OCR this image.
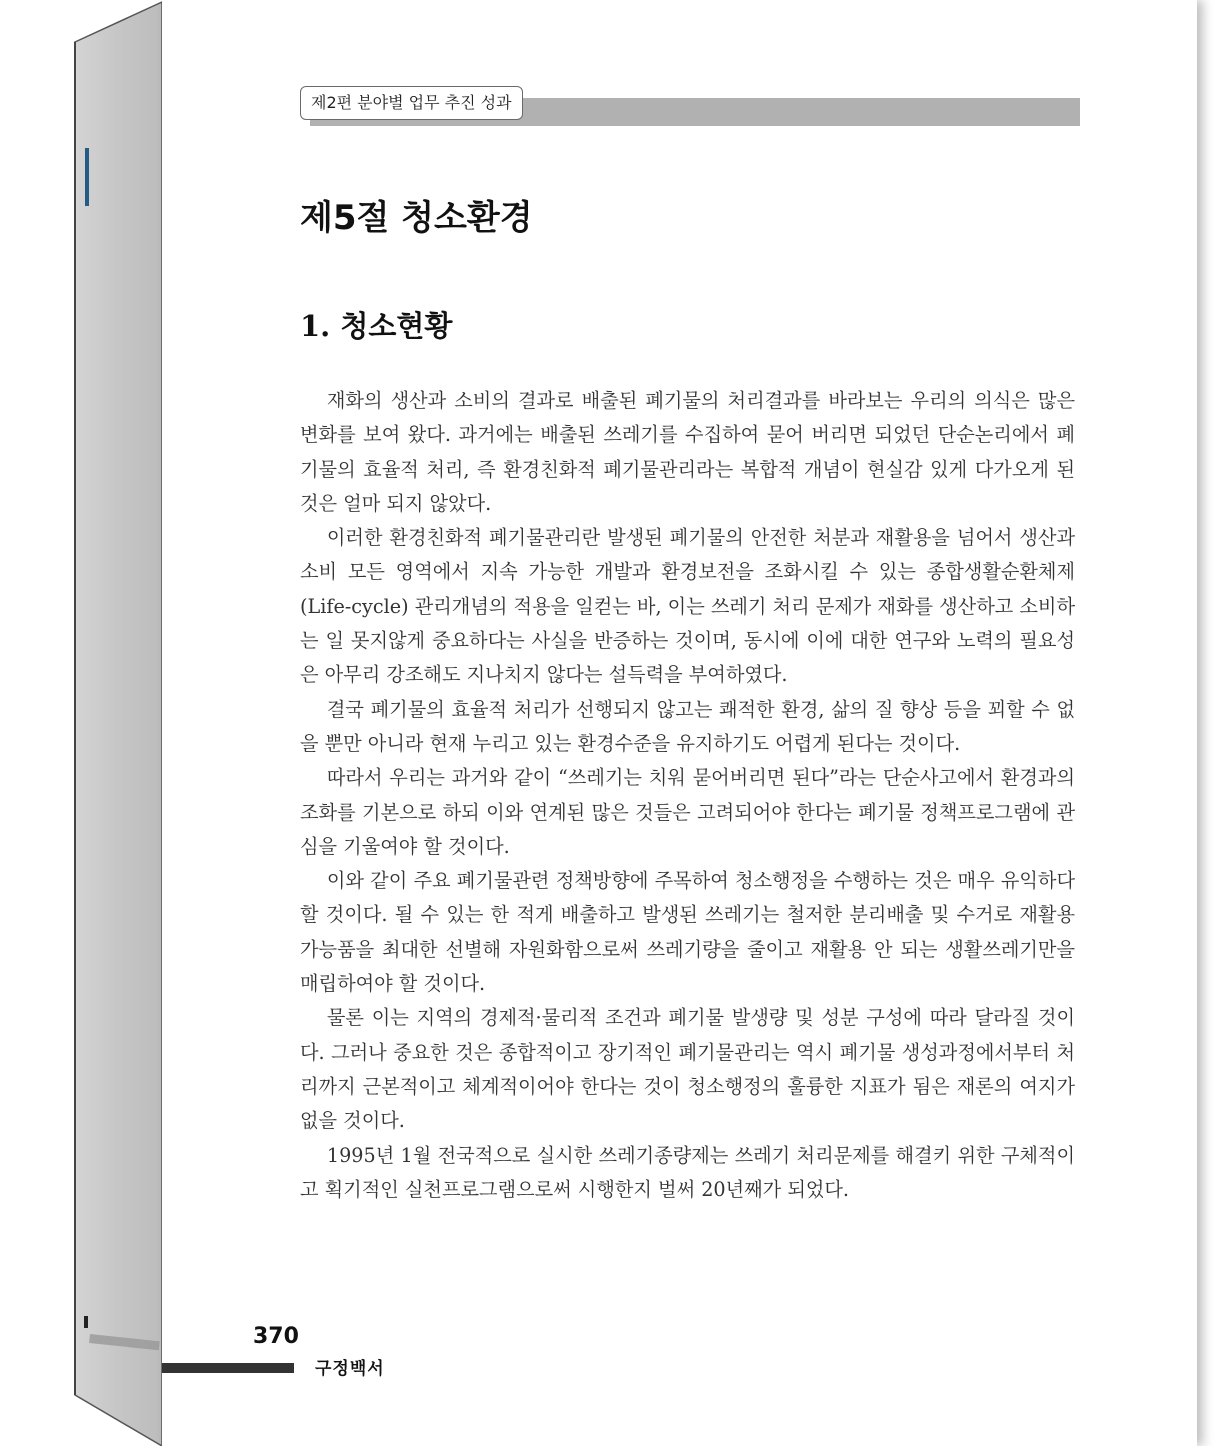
제2편 분야별 업무 추진 성과
제5절 청소환경
1. 청소현황

재화의 생산과 소비의 결과로 배출된 폐기물의 처리결과를 바라보는 우리의 의식은 많은 변화를 보여 왔다. 과거에는 배출된 쓰레기를 수집하여 묻어 버리면 되었던 단순논리에서 폐기물의 효율적 처리, 즉 환경친화적 폐기물관리라는 복합적 개념이 현실감 있게 다가오게 된 것은 얼마 되지 않았다.

이러한 환경친화적 폐기물관리란 발생된 폐기물의 안전한 처분과 재활용을 넘어서 생산과 소비 모든 영역에서 지속 가능한 개발과 환경보전을 조화시킬 수 있는 종합생활순환체제(Life-cycle) 관리개념의 적용을 일컫는 바, 이는 쓰레기 처리 문제가 재화를 생산하고 소비하는 일 못지않게 중요하다는 사실을 반증하는 것이며, 동시에 이에 대한 연구와 노력의 필요성은 아무리 강조해도 지나치지 않다는 설득력을 부여하였다.

결국 폐기물의 효율적 처리가 선행되지 않고는 쾌적한 환경, 삶의 질 향상 등을 꾀할 수 없을 뿐만 아니라 현재 누리고 있는 환경수준을 유지하기도 어렵게 된다는 것이다.

따라서 우리는 과거와 같이 “쓰레기는 치워 묻어버리면 된다”라는 단순사고에서 환경과의 조화를 기본으로 하되 이와 연계된 많은 것들은 고려되어야 한다는 폐기물 정책프로그램에 관심을 기울여야 할 것이다.

이와 같이 주요 폐기물관련 정책방향에 주목하여 청소행정을 수행하는 것은 매우 유익하다 할 것이다. 될 수 있는 한 적게 배출하고 발생된 쓰레기는 철저한 분리배출 및 수거로 재활용 가능품을 최대한 선별해 자원화함으로써 쓰레기량을 줄이고 재활용 안 되는 생활쓰레기만을 매립하여야 할 것이다.

물론 이는 지역의 경제적·물리적 조건과 폐기물 발생량 및 성분 구성에 따라 달라질 것이다. 그러나 중요한 것은 종합적이고 장기적인 폐기물관리는 역시 폐기물 생성과정에서부터 처리까지 근본적이고 체계적이어야 한다는 것이 청소행정의 훌륭한 지표가 됨은 재론의 여지가 없을 것이다.

1995년 1월 전국적으로 실시한 쓰레기종량제는 쓰레기 처리문제를 해결키 위한 구체적이고 획기적인 실천프로그램으로써 시행한지 벌써 20년째가 되었다.

370
구정백서
